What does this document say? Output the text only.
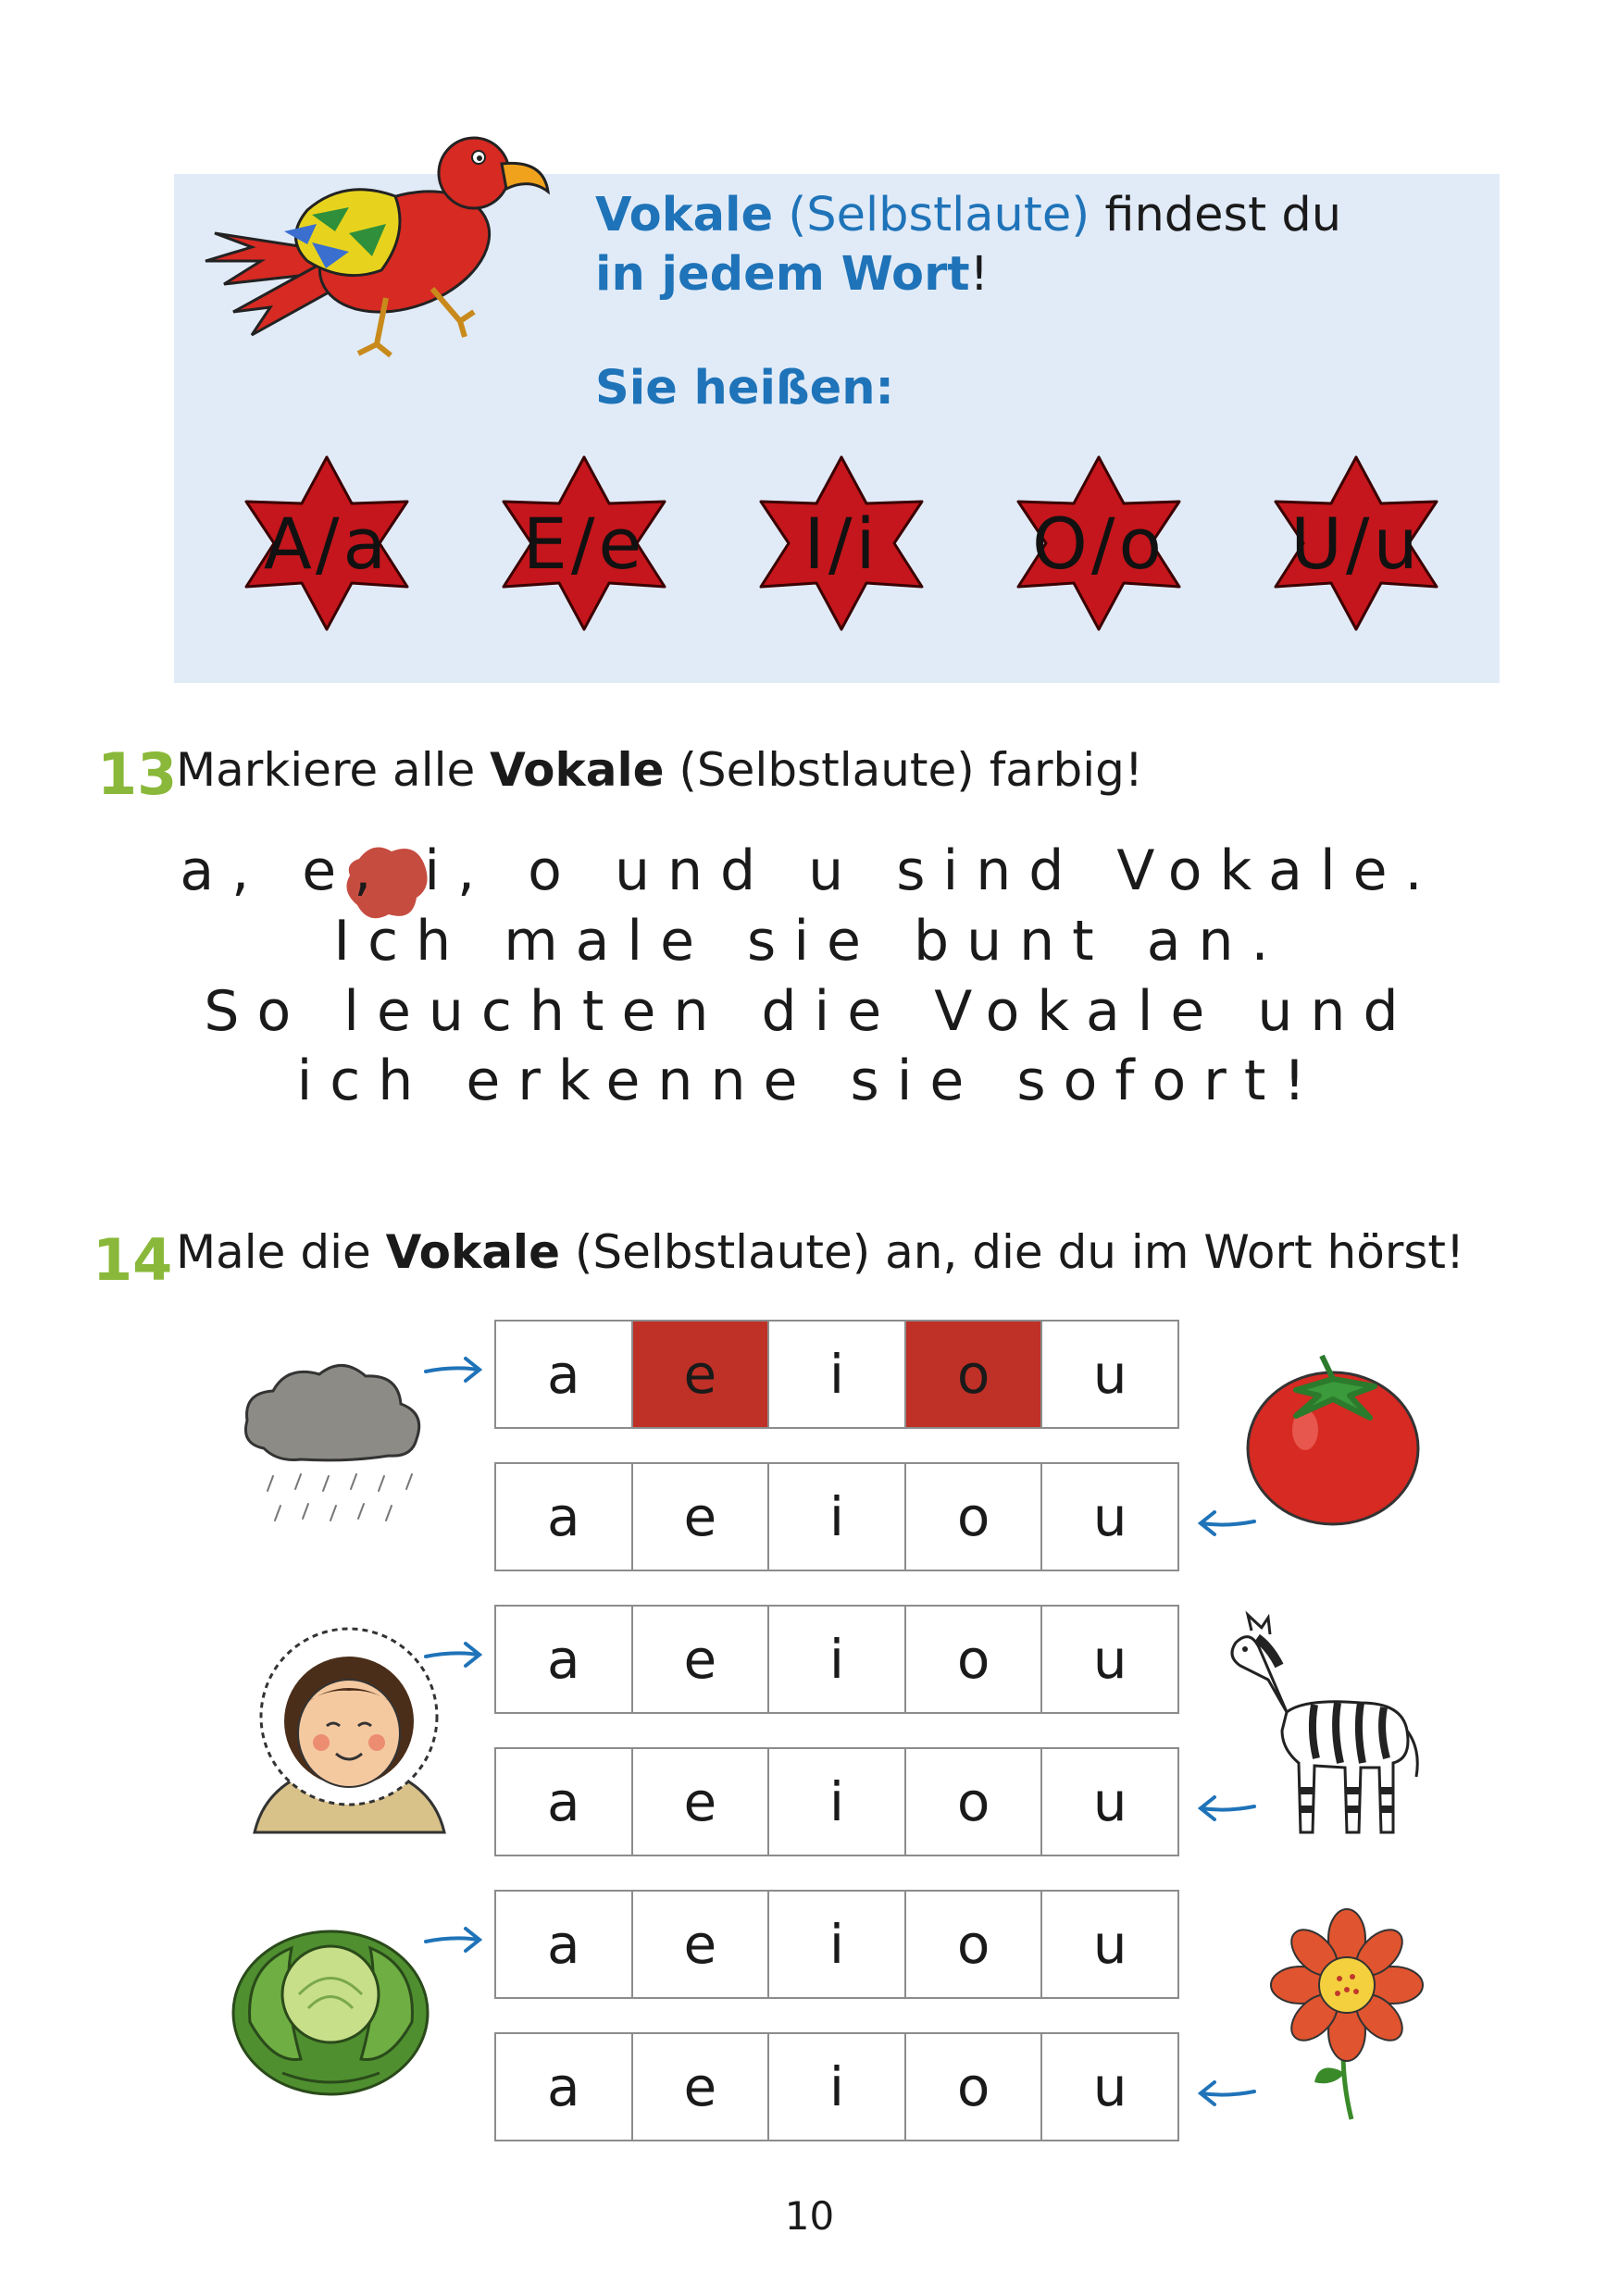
Vokale (Selbstlaute) findest du
in jedem Wort!
Sie heißen:
A/a	E/e	I/i	O/o	U/u
13
Markiere alle Vokale (Selbstlaute) farbig!
a, e, i, o und u sind Vokale.
Ich male sie bunt an.
So leuchten die Vokale und
ich erkenne sie sofort!
14 Male die Vokale (Selbstlaute) an, die du im Wort hörst!
a	e	i	o	u
a	e	i	o	u
a	e	i	o	u
a	e	i	o	u
a	e	i	o	u
a	e	i	o	u
10
